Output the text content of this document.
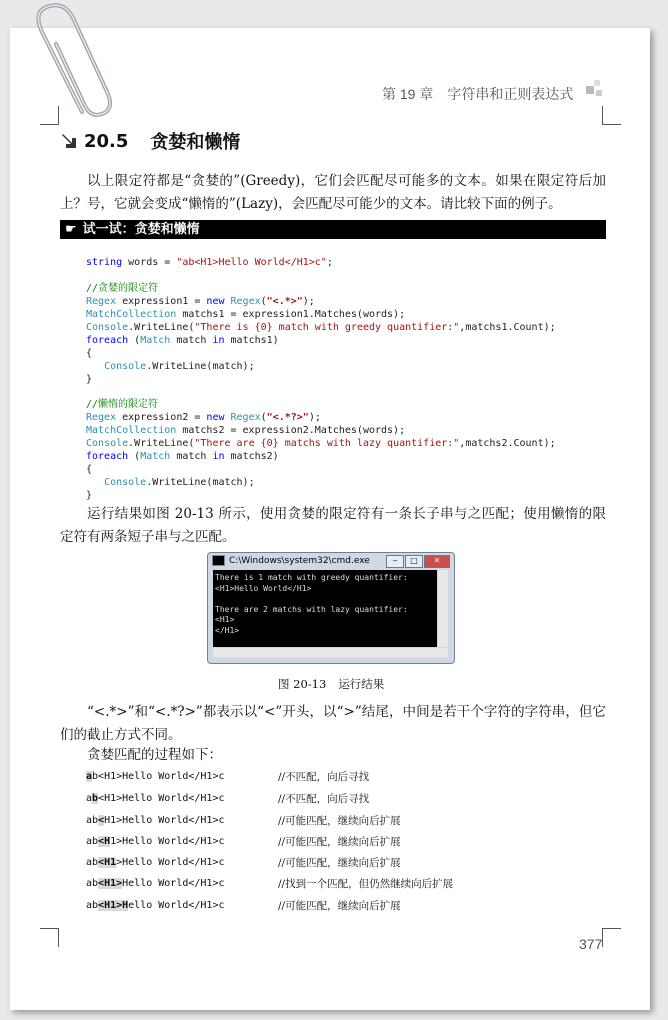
第 19 章 字符串和正则表达式
20.5 贪婪和懒惰
以上限定符都是“贪婪的”(Greedy)，它们会匹配尽可能多的文本。如果在限定符后加上？号，它就会变成“懒惰的”(Lazy)，会匹配尽可能少的文本。请比较下面的例子。
☛ 试一试：贪婪和懒惰

string words = "ab<H1>Hello World</H1>c";

//贪婪的限定符
Regex expression1 = new Regex("<.*>");
MatchCollection matchs1 = expression1.Matches(words);
Console.WriteLine("There is {0} match with greedy quantifier:",matchs1.Count);
foreach (Match match in matchs1)
{
Console.WriteLine(match);
}

//懒惰的限定符
Regex expression2 = new Regex("<.*?>");
MatchCollection matchs2 = expression2.Matches(words);
Console.WriteLine("There are {0} matchs with lazy quantifier:",matchs2.Count);
foreach (Match match in matchs2)
{
Console.WriteLine(match);
}

运行结果如图 20-13 所示，使用贪婪的限定符有一条长子串与之匹配；使用懒惰的限定符有两条短子串与之匹配。
C:\Windows\system32\cmd.exe	‒	□	✕
There is 1 match with greedy quantifier:
<H1>Hello World</H1>
There are 2 matchs with lazy quantifier:
<H1>
</H1>
图 20-13 运行结果
“<.*>”和“<.*?>”都表示以“<”开头，以“>”结尾，中间是若干个字符的字符串，但它们的截止方式不同。
贪婪匹配的过程如下：
ab<H1>Hello World</H1>c	//不匹配，向后寻找
ab<H1>Hello World</H1>c	//不匹配，向后寻找
ab<H1>Hello World</H1>c	//可能匹配，继续向后扩展
ab<H1>Hello World</H1>c	//可能匹配，继续向后扩展
ab<H1>Hello World</H1>c	//可能匹配，继续向后扩展
ab<H1>Hello World</H1>c	//找到一个匹配，但仍然继续向后扩展
ab<H1>Hello World</H1>c	//可能匹配，继续向后扩展
377
